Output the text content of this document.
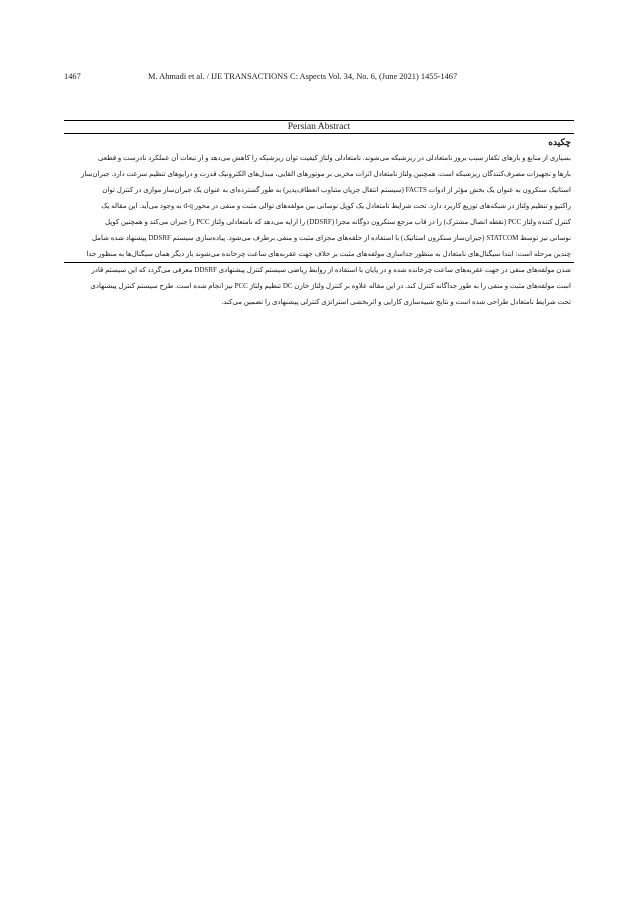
1467	M. Ahmadi et al. / IJE TRANSACTIONS C: Aspects Vol. 34, No. 6, (June 2021) 1455-1467
Persian Abstract
چکیده
بسیاری از منابع و بارهای تکفاز سبب بروز نامتعادلی در ریزشبکه می‌شوند. نامتعادلی ولتاژ کیفیت توان ریزشبکه را کاهش می‌دهد و از تبعات آن عملکرد نادرست و قطعی
بارها و تجهیزات مصرف‌کنندگان ریزشبکه است. همچنین ولتاژ نامتعادل اثرات مخربی بر موتورهای القایی، مبدل‌های الکترونیک قدرت و درایوهای تنظیم سرعت دارد. جبران‌ساز
استاتیک سنکرون به عنوان یک بخش مؤثر از ادوات FACTS (سیستم انتقال جریان متناوب انعطاف‌پذیر) به طور گسترده‌ای به عنوان یک جبران‌ساز موازی در کنترل توان
راکتیو و تنظیم ولتاژ در شبکه‌های توزیع کاربرد دارد. تحت شرایط نامتعادل یک کوپل نوسانی بین مولفه‌های توالی مثبت و منفی در محور d-q به وجود می‌آید. این مقاله یک
کنترل کننده ولتاژ PCC (نقطه اتصال مشترک) را در قاب مرجع سنکرون دوگانه مجزا (DDSRF) را ارایه می‌دهد که نامتعادلی ولتاژ PCC را جبران می‌کند و همچنین کوپل
نوسانی نیز توسط STATCOM (جبران‌ساز سنکرون استاتیک) با استفاده از حلقه‌های مجزای مثبت و منفی برطرف می‌شود. پیاده‌سازی سیستم DDSRF پیشنهاد شده شامل
چندین مرحله است: ابتدا سیگنال‌های نامتعادل به منظور جداسازی مولفه‌های مثبت بر خلاف جهت عقربه‌های ساعت چرخانده می‌شوند بار دیگر همان سیگنال‌ها به منظور جدا
شدن مولفه‌های منفی در جهت عقربه‌های ساعت چرخانده شده و در پایان با استفاده از روابط ریاضی سیستم کنترل پیشنهادی DDSRF معرفی می‌گردد که این سیستم قادر
است مولفه‌های مثبت و منفی را به طور جداگانه کنترل کند. در این مقاله علاوه بر کنترل ولتاژ خازن DC تنظیم ولتاژ PCC نیز انجام شده است. طرح سیستم کنترل پیشنهادی
تحت شرایط نامتعادل طراحی شده است و نتایج شبیه‌سازی کارایی و اثربخشی استراتژی کنترلی پیشنهادی را تضمین می‌کند.
